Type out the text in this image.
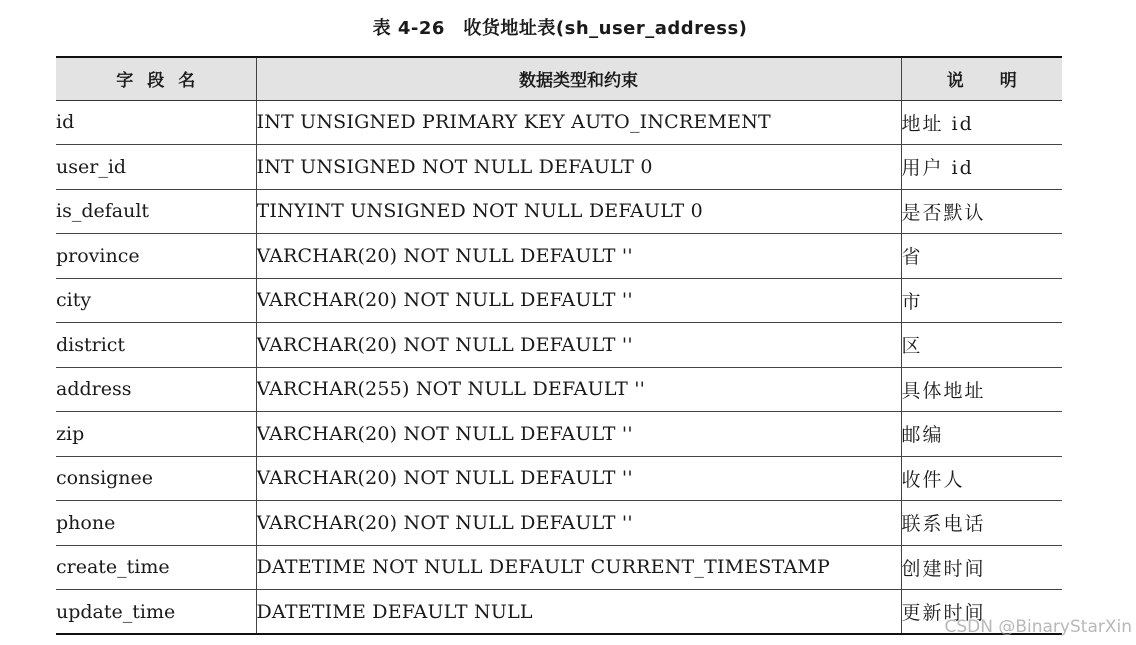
表 4-26　收货地址表(sh_user_address)
字段名	数据类型和约束	说明
id	INT UNSIGNED PRIMARY KEY AUTO_INCREMENT	地址 id
user_id	INT UNSIGNED NOT NULL DEFAULT 0	用户 id
is_default	TINYINT UNSIGNED NOT NULL DEFAULT 0	是否默认
province	VARCHAR(20) NOT NULL DEFAULT ''	省
city	VARCHAR(20) NOT NULL DEFAULT ''	市
district	VARCHAR(20) NOT NULL DEFAULT ''	区
address	VARCHAR(255) NOT NULL DEFAULT ''	具体地址
zip	VARCHAR(20) NOT NULL DEFAULT ''	邮编
consignee	VARCHAR(20) NOT NULL DEFAULT ''	收件人
phone	VARCHAR(20) NOT NULL DEFAULT ''	联系电话
create_time	DATETIME NOT NULL DEFAULT CURRENT_TIMESTAMP	创建时间
update_time	DATETIME DEFAULT NULL	更新时间
CSDN @BinaryStarXin
